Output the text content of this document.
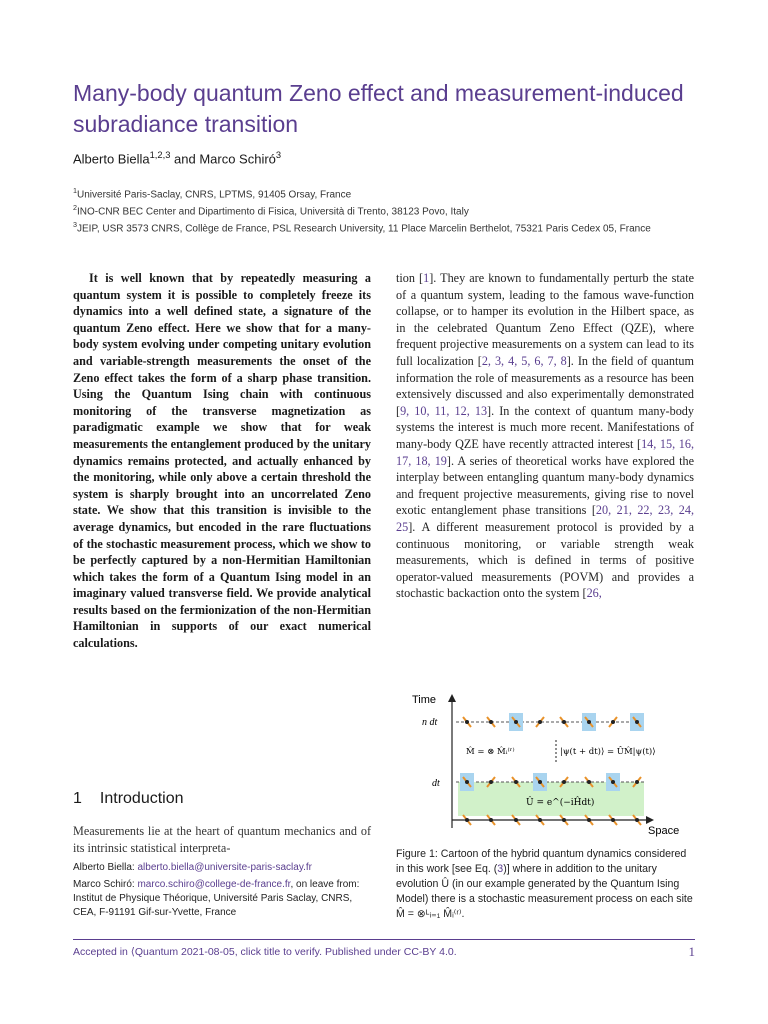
Many-body quantum Zeno effect and measurement-induced subradiance transition
Alberto Biella$^{1,2,3}$ and Marco Schiró$^3$
$^1$Université Paris-Saclay, CNRS, LPTMS, 91405 Orsay, France
$^2$INO-CNR BEC Center and Dipartimento di Fisica, Università di Trento, 38123 Povo, Italy
$^3$JEIP, USR 3573 CNRS, Collège de France, PSL Research University, 11 Place Marcelin Berthelot, 75321 Paris Cedex 05, France
It is well known that by repeatedly measuring a quantum system it is possible to completely freeze its dynamics into a well defined state, a signature of the quantum Zeno effect. Here we show that for a many-body system evolving under competing unitary evolution and variable-strength measurements the onset of the Zeno effect takes the form of a sharp phase transition. Using the Quantum Ising chain with continuous monitoring of the transverse magnetization as paradigmatic example we show that for weak measurements the entanglement produced by the unitary dynamics remains protected, and actually enhanced by the monitoring, while only above a certain threshold the system is sharply brought into an uncorrelated Zeno state. We show that this transition is invisible to the average dynamics, but encoded in the rare fluctuations of the stochastic measurement process, which we show to be perfectly captured by a non-Hermitian Hamiltonian which takes the form of a Quantum Ising model in an imaginary valued transverse field. We provide analytical results based on the fermionization of the non-Hermitian Hamiltonian in supports of our exact numerical calculations.
1 Introduction
Measurements lie at the heart of quantum mechanics and of its intrinsic statistical interpreta-
Alberto Biella: alberto.biella@universite-paris-saclay.fr
Marco Schiró: marco.schiro@college-de-france.fr, on leave from: Institut de Physique Théorique, Université Paris Saclay, CNRS, CEA, F-91191 Gif-sur-Yvette, France
tion [1]. They are known to fundamentally perturb the state of a quantum system, leading to the famous wave-function collapse, or to hamper its evolution in the Hilbert space, as in the celebrated Quantum Zeno Effect (QZE), where frequent projective measurements on a system can lead to its full localization [2, 3, 4, 5, 6, 7, 8]. In the field of quantum information the role of measurements as a resource has been extensively discussed and also experimentally demonstrated [9, 10, 11, 12, 13]. In the context of quantum many-body systems the interest is much more recent. Manifestations of many-body QZE have recently attracted interest [14, 15, 16, 17, 18, 19]. A series of theoretical works have explored the interplay between entangling quantum many-body dynamics and frequent projective measurements, giving rise to novel exotic entanglement phase transitions [20, 21, 22, 23, 24, 25]. A different measurement protocol is provided by a continuous monitoring, or variable strength weak measurements, which is defined in terms of positive operator-valued measurements (POVM) and provides a stochastic backaction onto the system [26,
Time
Space
n dt
dt
M̂ = ⊗ M̂ᵢ⁽ʳ⁾	|ψ(t + dt)⟩ = ÛM̂|ψ(t)⟩
Û = e^(−iĤdt)
Figure 1: Cartoon of the hybrid quantum dynamics considered in this work [see Eq. (3)] where in addition to the unitary evolution Û (in our example generated by the Quantum Ising Model) there is a stochastic measurement process on each site M̂ = ⊗ᴸᵢ₌₁ M̂ᵢ⁽ʳ⁾.
Accepted in ⟨Quantum 2021-08-05, click title to verify. Published under CC-BY 4.0.	1
